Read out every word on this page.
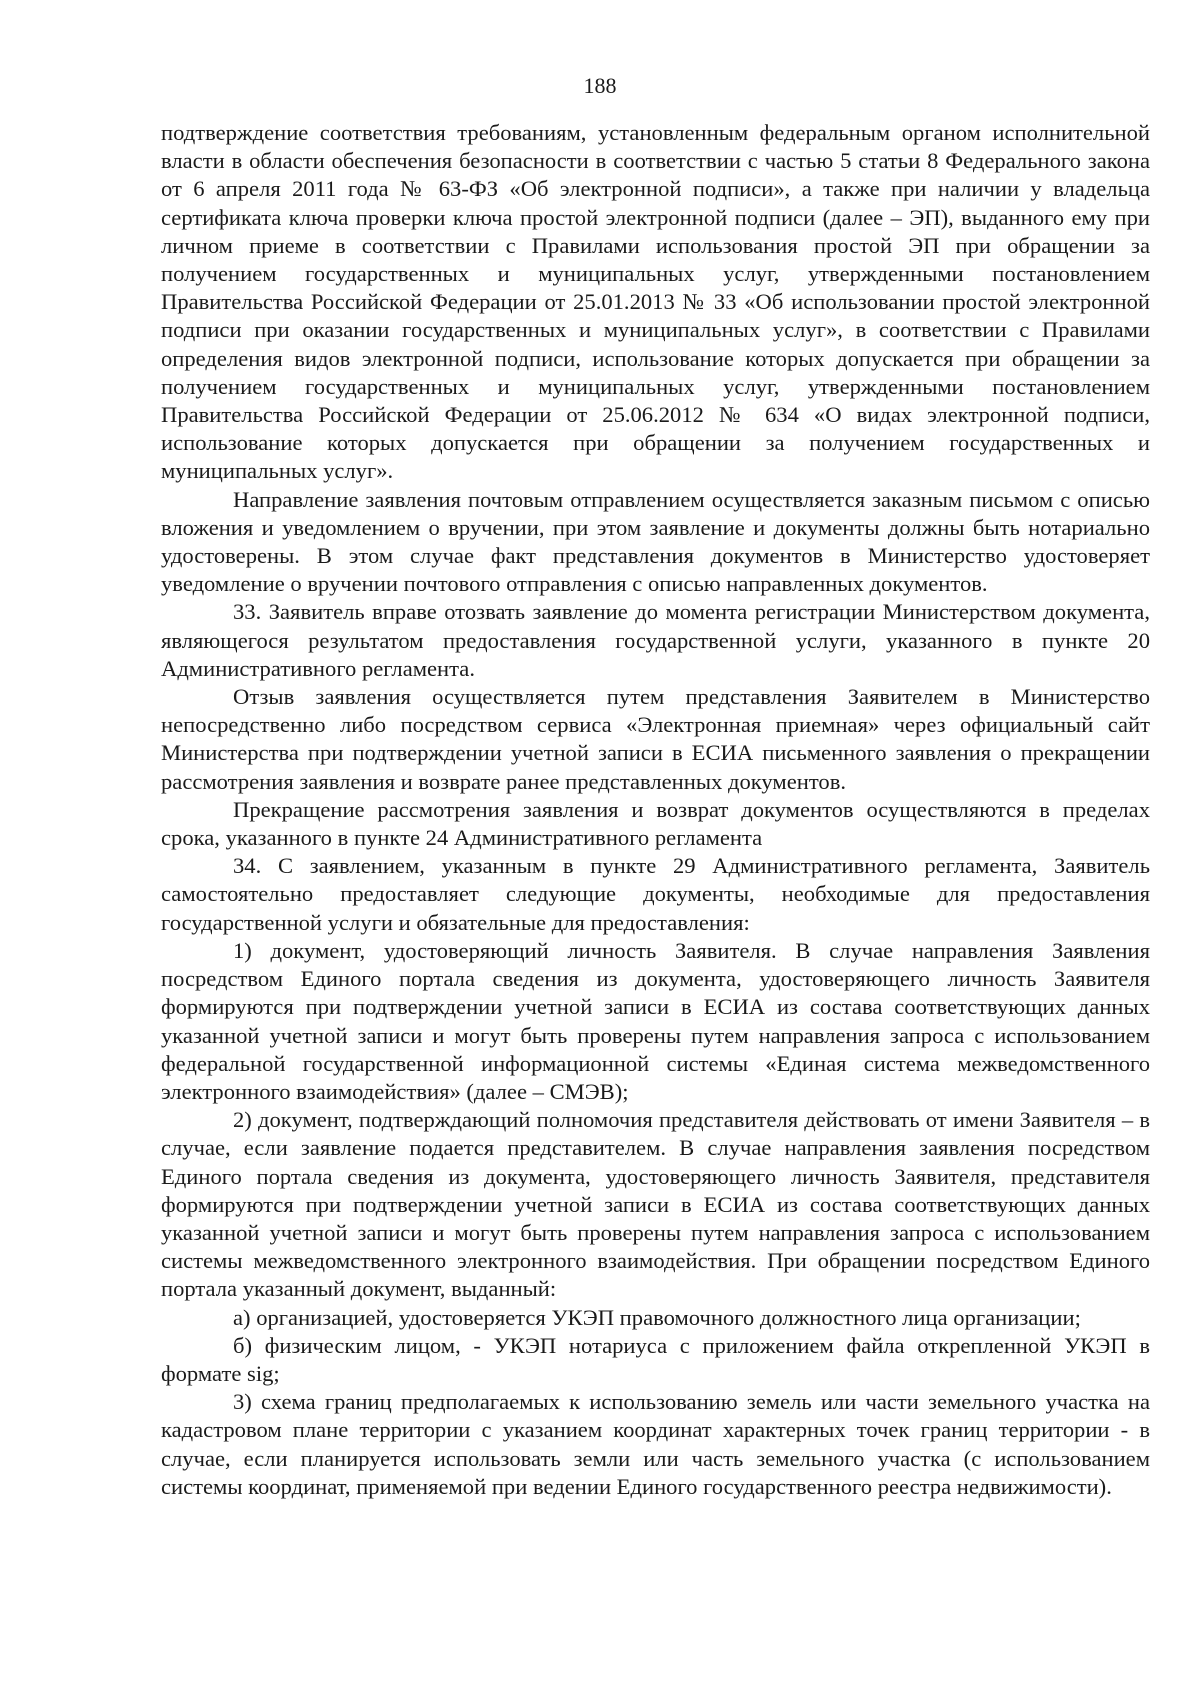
188

подтверждение соответствия требованиям, установленным федеральным органом исполнительной власти в области обеспечения безопасности в соответствии с частью 5 статьи 8 Федерального закона от 6 апреля 2011 года № 63-ФЗ «Об электронной подписи», а также при наличии у владельца сертификата ключа проверки ключа простой электронной подписи (далее – ЭП), выданного ему при личном приеме в соответствии с Правилами использования простой ЭП при обращении за получением государственных и муниципальных услуг, утвержденными постановлением Правительства Российской Федерации от 25.01.2013 № 33 «Об использовании простой электронной подписи при оказании государственных и муниципальных услуг», в соответствии с Правилами определения видов электронной подписи, использование которых допускается при обращении за получением государственных и муниципальных услуг, утвержденными постановлением Правительства Российской Федерации от 25.06.2012 № 634 «О видах электронной подписи, использование которых допускается при обращении за получением государственных и муниципальных услуг».

Направление заявления почтовым отправлением осуществляется заказным письмом с описью вложения и уведомлением о вручении, при этом заявление и документы должны быть нотариально удостоверены. В этом случае факт представления документов в Министерство удостоверяет уведомление о вручении почтового отправления с описью направленных документов.

33. Заявитель вправе отозвать заявление до момента регистрации Министерством документа, являющегося результатом предоставления государственной услуги, указанного в пункте 20 Административного регламента.

Отзыв заявления осуществляется путем представления Заявителем в Министерство непосредственно либо посредством сервиса «Электронная приемная» через официальный сайт Министерства при подтверждении учетной записи в ЕСИА письменного заявления о прекращении рассмотрения заявления и возврате ранее представленных документов.

Прекращение рассмотрения заявления и возврат документов осуществляются в пределах срока, указанного в пункте 24 Административного регламента

34. С заявлением, указанным в пункте 29 Административного регламента, Заявитель самостоятельно предоставляет следующие документы, необходимые для предоставления государственной услуги и обязательные для предоставления:

1) документ, удостоверяющий личность Заявителя. В случае направления Заявления посредством Единого портала сведения из документа, удостоверяющего личность Заявителя формируются при подтверждении учетной записи в ЕСИА из состава соответствующих данных указанной учетной записи и могут быть проверены путем направления запроса с использованием федеральной государственной информационной системы «Единая система межведомственного электронного взаимодействия» (далее – СМЭВ);

2) документ, подтверждающий полномочия представителя действовать от имени Заявителя – в случае, если заявление подается представителем. В случае направления заявления посредством Единого портала сведения из документа, удостоверяющего личность Заявителя, представителя формируются при подтверждении учетной записи в ЕСИА из состава соответствующих данных указанной учетной записи и могут быть проверены путем направления запроса с использованием системы межведомственного электронного взаимодействия. При обращении посредством Единого портала указанный документ, выданный:

а) организацией, удостоверяется УКЭП правомочного должностного лица организации;

б) физическим лицом, - УКЭП нотариуса с приложением файла открепленной УКЭП в формате sig;

3) схема границ предполагаемых к использованию земель или части земельного участка на кадастровом плане территории с указанием координат характерных точек границ территории - в случае, если планируется использовать земли или часть земельного участка (с использованием системы координат, применяемой при ведении Единого государственного реестра недвижимости).
